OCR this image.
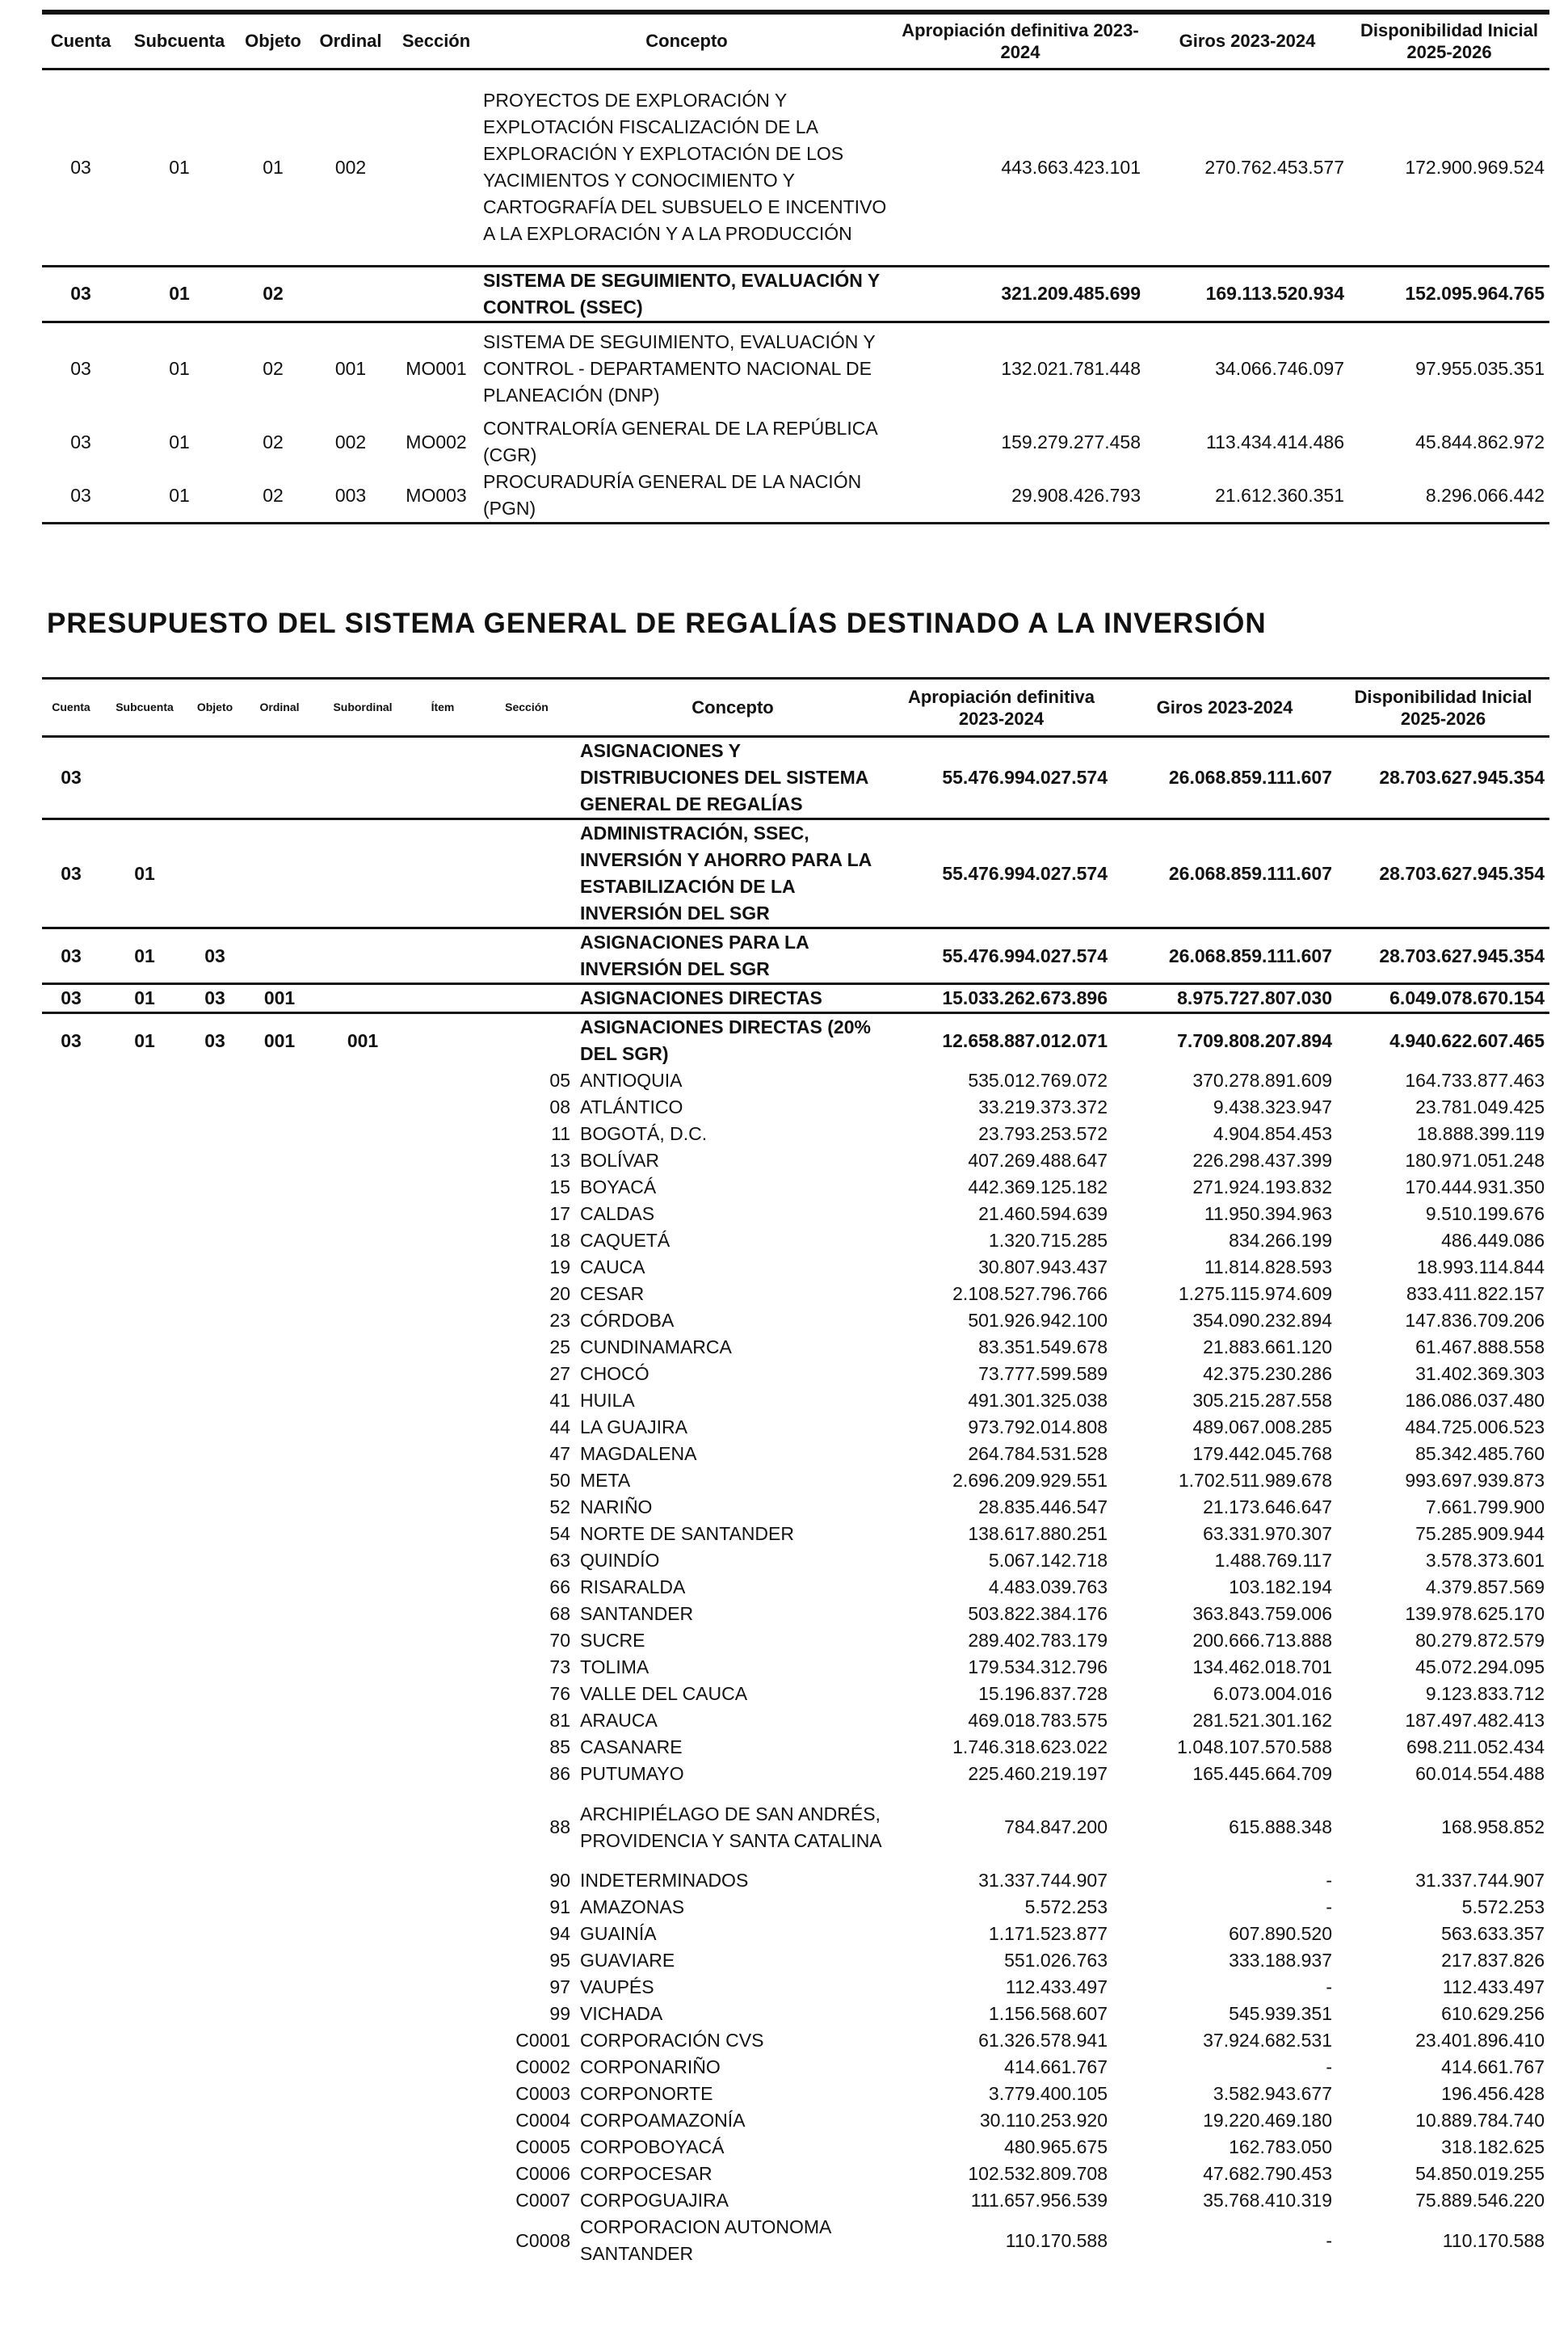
Cuenta	Subcuenta	Objeto	Ordinal	Sección	Concepto	Apropiación definitiva 2023-2024	Giros 2023-2024	Disponibilidad Inicial 2025-2026
03	01	01	002		PROYECTOS DE EXPLORACIÓN Y EXPLOTACIÓN FISCALIZACIÓN DE LA EXPLORACIÓN Y EXPLOTACIÓN DE LOS YACIMIENTOS Y CONOCIMIENTO Y CARTOGRAFÍA DEL SUBSUELO E INCENTIVO A LA EXPLORACIÓN Y A LA PRODUCCIÓN	443.663.423.101	270.762.453.577	172.900.969.524
03	01	02			SISTEMA DE SEGUIMIENTO, EVALUACIÓN Y CONTROL (SSEC)	321.209.485.699	169.113.520.934	152.095.964.765
03	01	02	001	MO001	SISTEMA DE SEGUIMIENTO, EVALUACIÓN Y CONTROL - DEPARTAMENTO NACIONAL DE PLANEACIÓN (DNP)	132.021.781.448	34.066.746.097	97.955.035.351
03	01	02	002	MO002	CONTRALORÍA GENERAL DE LA REPÚBLICA (CGR)	159.279.277.458	113.434.414.486	45.844.862.972
03	01	02	003	MO003	PROCURADURÍA GENERAL DE LA NACIÓN (PGN)	29.908.426.793	21.612.360.351	8.296.066.442
PRESUPUESTO DEL SISTEMA GENERAL DE REGALÍAS DESTINADO A LA INVERSIÓN
Cuenta	Subcuenta	Objeto	Ordinal	Subordinal	Ítem	Sección	Concepto	Apropiación definitiva 2023-2024	Giros 2023-2024	Disponibilidad Inicial 2025-2026
03							ASIGNACIONES Y DISTRIBUCIONES DEL SISTEMA GENERAL DE REGALÍAS	55.476.994.027.574	26.068.859.111.607	28.703.627.945.354
03	01						ADMINISTRACIÓN, SSEC, INVERSIÓN Y AHORRO PARA LA ESTABILIZACIÓN DE LA INVERSIÓN DEL SGR	55.476.994.027.574	26.068.859.111.607	28.703.627.945.354
03	01	03					ASIGNACIONES PARA LA INVERSIÓN DEL SGR	55.476.994.027.574	26.068.859.111.607	28.703.627.945.354
03	01	03	001				ASIGNACIONES DIRECTAS	15.033.262.673.896	8.975.727.807.030	6.049.078.670.154
03	01	03	001	001			ASIGNACIONES DIRECTAS (20% DEL SGR)	12.658.887.012.071	7.709.808.207.894	4.940.622.607.465
						05	ANTIOQUIA	535.012.769.072	370.278.891.609	164.733.877.463
						08	ATLÁNTICO	33.219.373.372	9.438.323.947	23.781.049.425
						11	BOGOTÁ, D.C.	23.793.253.572	4.904.854.453	18.888.399.119
						13	BOLÍVAR	407.269.488.647	226.298.437.399	180.971.051.248
						15	BOYACÁ	442.369.125.182	271.924.193.832	170.444.931.350
						17	CALDAS	21.460.594.639	11.950.394.963	9.510.199.676
						18	CAQUETÁ	1.320.715.285	834.266.199	486.449.086
						19	CAUCA	30.807.943.437	11.814.828.593	18.993.114.844
						20	CESAR	2.108.527.796.766	1.275.115.974.609	833.411.822.157
						23	CÓRDOBA	501.926.942.100	354.090.232.894	147.836.709.206
						25	CUNDINAMARCA	83.351.549.678	21.883.661.120	61.467.888.558
						27	CHOCÓ	73.777.599.589	42.375.230.286	31.402.369.303
						41	HUILA	491.301.325.038	305.215.287.558	186.086.037.480
						44	LA GUAJIRA	973.792.014.808	489.067.008.285	484.725.006.523
						47	MAGDALENA	264.784.531.528	179.442.045.768	85.342.485.760
						50	META	2.696.209.929.551	1.702.511.989.678	993.697.939.873
						52	NARIÑO	28.835.446.547	21.173.646.647	7.661.799.900
						54	NORTE DE SANTANDER	138.617.880.251	63.331.970.307	75.285.909.944
						63	QUINDÍO	5.067.142.718	1.488.769.117	3.578.373.601
						66	RISARALDA	4.483.039.763	103.182.194	4.379.857.569
						68	SANTANDER	503.822.384.176	363.843.759.006	139.978.625.170
						70	SUCRE	289.402.783.179	200.666.713.888	80.279.872.579
						73	TOLIMA	179.534.312.796	134.462.018.701	45.072.294.095
						76	VALLE DEL CAUCA	15.196.837.728	6.073.004.016	9.123.833.712
						81	ARAUCA	469.018.783.575	281.521.301.162	187.497.482.413
						85	CASANARE	1.746.318.623.022	1.048.107.570.588	698.211.052.434
						86	PUTUMAYO	225.460.219.197	165.445.664.709	60.014.554.488
						88	ARCHIPIÉLAGO DE SAN ANDRÉS, PROVIDENCIA Y SANTA CATALINA	784.847.200	615.888.348	168.958.852
						90	INDETERMINADOS	31.337.744.907	-	31.337.744.907
						91	AMAZONAS	5.572.253	-	5.572.253
						94	GUAINÍA	1.171.523.877	607.890.520	563.633.357
						95	GUAVIARE	551.026.763	333.188.937	217.837.826
						97	VAUPÉS	112.433.497	-	112.433.497
						99	VICHADA	1.156.568.607	545.939.351	610.629.256
						C0001	CORPORACIÓN CVS	61.326.578.941	37.924.682.531	23.401.896.410
						C0002	CORPONARIÑO	414.661.767	-	414.661.767
						C0003	CORPONORTE	3.779.400.105	3.582.943.677	196.456.428
						C0004	CORPOAMAZONÍA	30.110.253.920	19.220.469.180	10.889.784.740
						C0005	CORPOBOYACÁ	480.965.675	162.783.050	318.182.625
						C0006	CORPOCESAR	102.532.809.708	47.682.790.453	54.850.019.255
						C0007	CORPOGUAJIRA	111.657.956.539	35.768.410.319	75.889.546.220
						C0008	CORPORACION AUTONOMA SANTANDER	110.170.588	-	110.170.588
